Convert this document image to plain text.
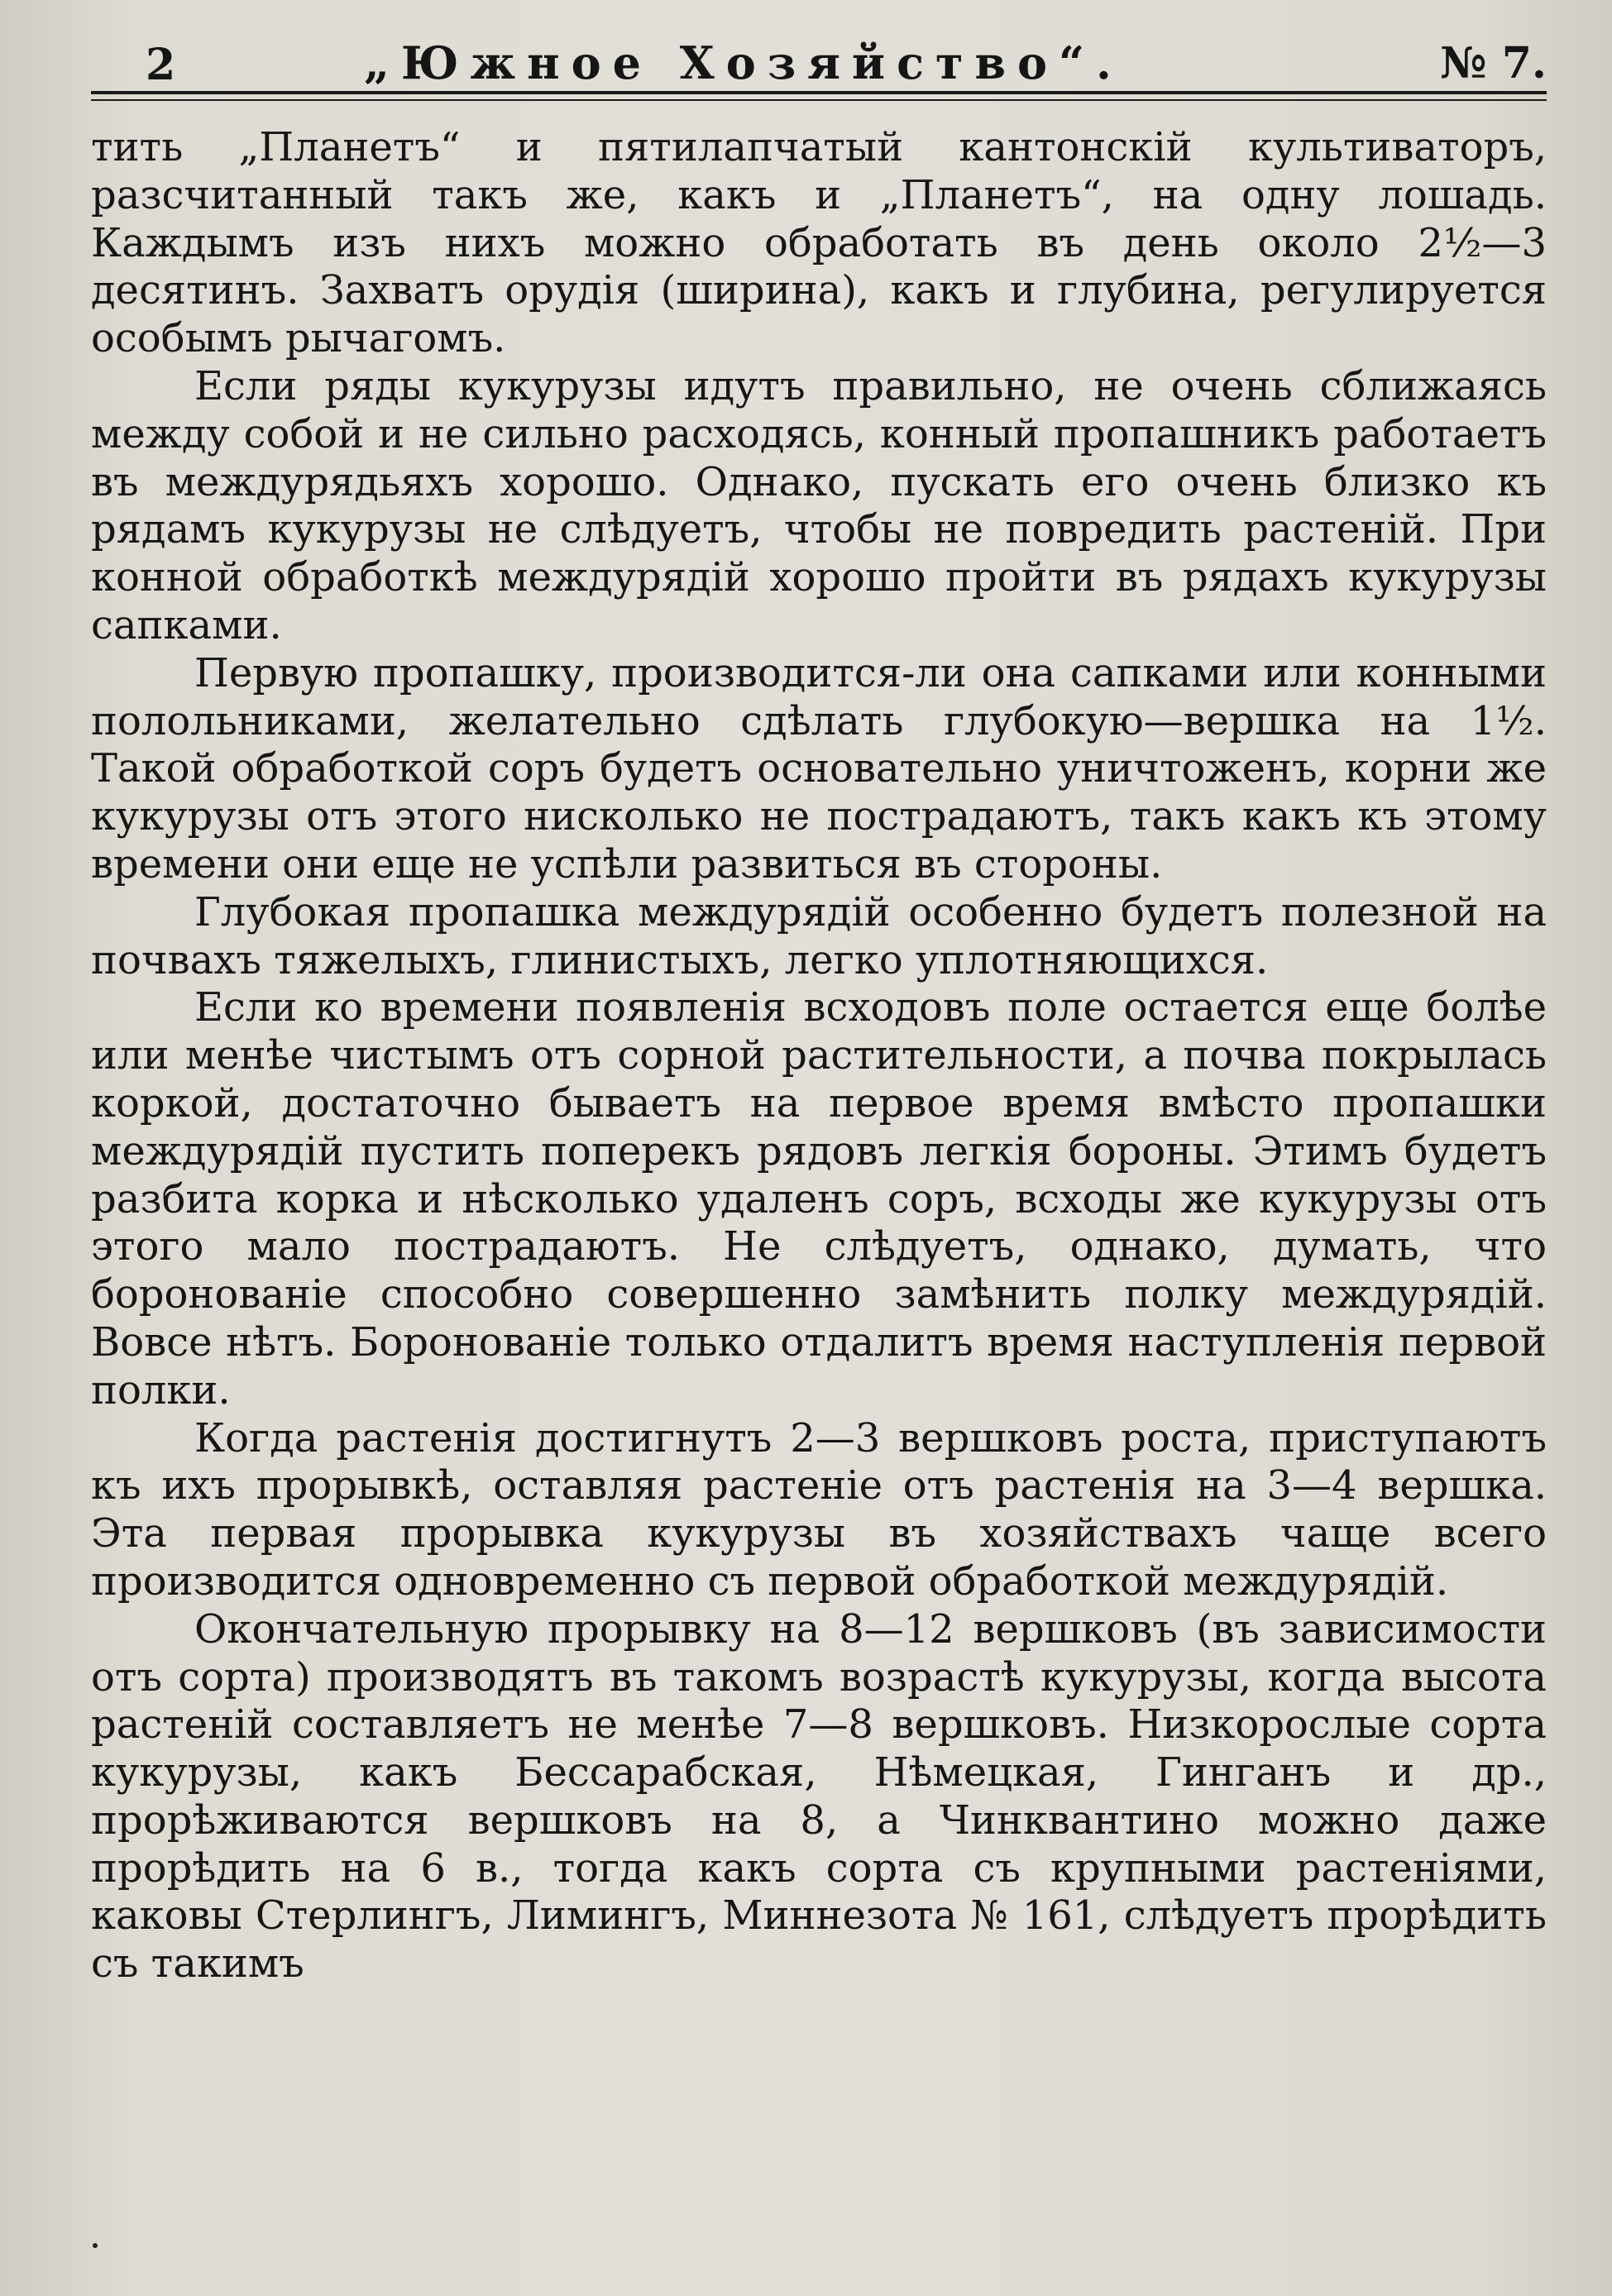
2	„Южное Хозяйство“.	№ 7.

тить „Планетъ“ и пятилапчатый кантонскій культиваторъ, разсчитанный такъ же, какъ и „Планетъ“, на одну лошадь. Каждымъ изъ нихъ можно обработать въ день около 2½—3 десятинъ. Захватъ орудія (ширина), какъ и глубина, регулируется особымъ рычагомъ.

Если ряды кукурузы идутъ правильно, не очень сближаясь между собой и не сильно расходясь, конный пропашникъ работаетъ въ междурядьяхъ хорошо. Однако, пускать его очень близко къ рядамъ кукурузы не слѣдуетъ, чтобы не повредить растеній. При конной обработкѣ междурядій хорошо пройти въ рядахъ кукурузы сапками.

Первую пропашку, производится-ли она сапками или конными полольниками, желательно сдѣлать глубокую—вершка на 1½. Такой обработкой соръ будетъ основательно уничтоженъ, корни же кукурузы отъ этого нисколько не пострадаютъ, такъ какъ къ этому времени они еще не успѣли развиться въ стороны.

Глубокая пропашка междурядій особенно будетъ полезной на почвахъ тяжелыхъ, глинистыхъ, легко уплотняющихся.

Если ко времени появленія всходовъ поле остается еще болѣе или менѣе чистымъ отъ сорной растительности, а почва покрылась коркой, достаточно бываетъ на первое время вмѣсто пропашки междурядій пустить поперекъ рядовъ легкія бороны. Этимъ будетъ разбита корка и нѣсколько удаленъ соръ, всходы же кукурузы отъ этого мало пострадаютъ. Не слѣдуетъ, однако, думать, что боронованіе способно совершенно замѣнить полку междурядій. Вовсе нѣтъ. Боронованіе только отдалитъ время наступленія первой полки.

Когда растенія достигнутъ 2—3 вершковъ роста, приступаютъ къ ихъ прорывкѣ, оставляя растеніе отъ растенія на 3—4 вершка. Эта первая прорывка кукурузы въ хозяйствахъ чаще всего производится одновременно съ первой обработкой междурядій.

Окончательную прорывку на 8—12 вершковъ (въ зависимости отъ сорта) производятъ въ такомъ возрастѣ кукурузы, когда высота растеній составляетъ не менѣе 7—8 вершковъ. Низкорослые сорта кукурузы, какъ Бессарабская, Нѣмецкая, Гинганъ и др., прорѣживаются вершковъ на 8, а Чинквантино можно даже прорѣдить на 6 в., тогда какъ сорта съ крупными растеніями, каковы Стерлингъ, Лимингъ, Миннезота № 161, слѣдуетъ прорѣдить съ такимъ
